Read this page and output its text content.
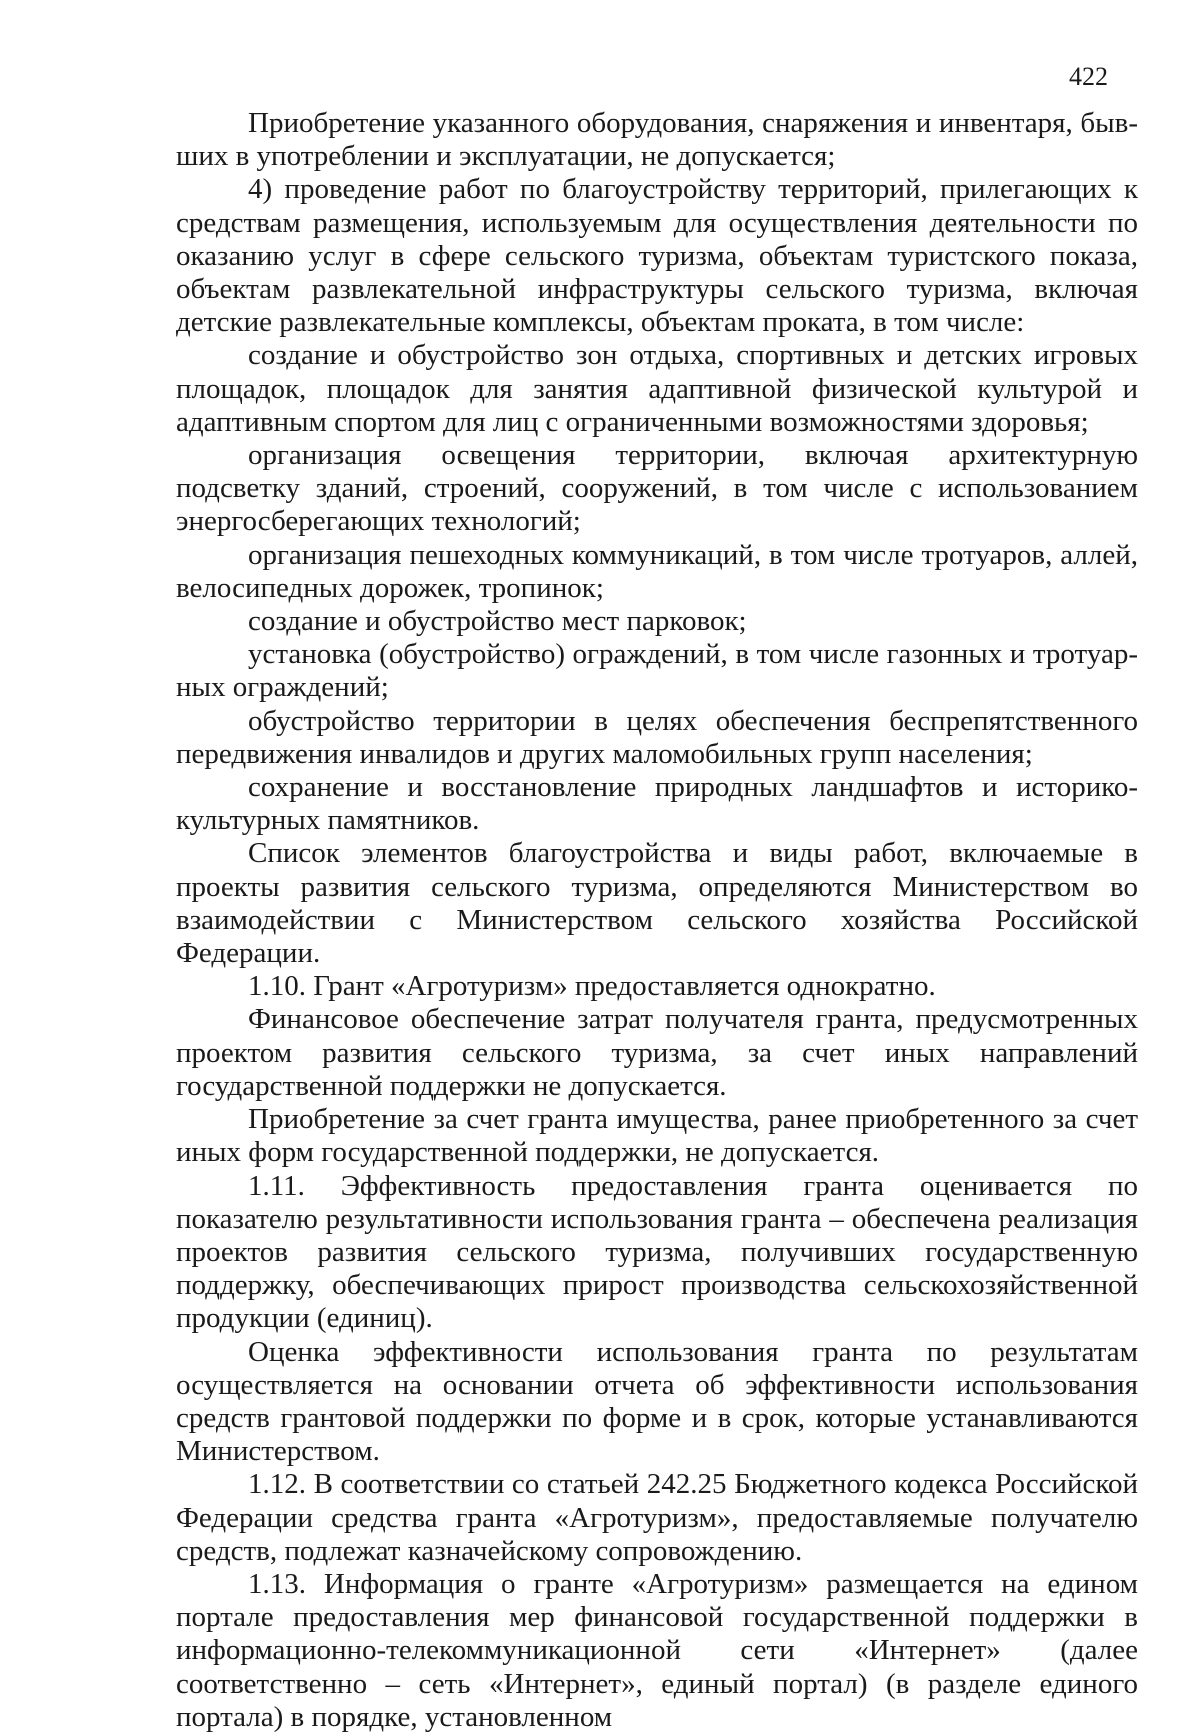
422

Приобретение указанного оборудования, снаряжения и инвентаря, бывших в употреблении и эксплуатации, не допускается;

4) проведение работ по благоустройству территорий, прилегающих к средствам размещения, используемым для осуществления деятельности по оказанию услуг в сфере сельского туризма, объектам туристского показа, объектам развлекательной инфраструктуры сельского туризма, включая детские развлекательные комплексы, объектам проката, в том числе:

создание и обустройство зон отдыха, спортивных и детских игровых площадок, площадок для занятия адаптивной физической культурой и адаптивным спортом для лиц с ограниченными возможностями здоровья;

организация освещения территории, включая архитектурную подсветку зданий, строений, сооружений, в том числе с использованием энергосберегающих технологий;

организация пешеходных коммуникаций, в том числе тротуаров, аллей, велосипедных дорожек, тропинок;

создание и обустройство мест парковок;

установка (обустройство) ограждений, в том числе газонных и тротуарных ограждений;

обустройство территории в целях обеспечения беспрепятственного передвижения инвалидов и других маломобильных групп населения;

сохранение и восстановление природных ландшафтов и историко-культурных памятников.

Список элементов благоустройства и виды работ, включаемые в проекты развития сельского туризма, определяются Министерством во взаимодействии с Министерством сельского хозяйства Российской Федерации.

1.10. Грант «Агротуризм» предоставляется однократно.

Финансовое обеспечение затрат получателя гранта, предусмотренных проектом развития сельского туризма, за счет иных направлений государственной поддержки не допускается.

Приобретение за счет гранта имущества, ранее приобретенного за счет иных форм государственной поддержки, не допускается.

1.11. Эффективность предоставления гранта оценивается по показателю результативности использования гранта – обеспечена реализация проектов развития сельского туризма, получивших государственную поддержку, обеспечивающих прирост производства сельскохозяйственной продукции (единиц).

Оценка эффективности использования гранта по результатам осуществляется на основании отчета об эффективности использования средств грантовой поддержки по форме и в срок, которые устанавливаются Министерством.

1.12. В соответствии со статьей 242.25 Бюджетного кодекса Российской Федерации средства гранта «Агротуризм», предоставляемые получателю средств, подлежат казначейскому сопровождению.

1.13. Информация о гранте «Агротуризм» размещается на едином портале предоставления мер финансовой государственной поддержки в информационно-телекоммуникационной сети «Интернет» (далее соответственно – сеть «Интернет», единый портал) (в разделе единого портала) в порядке, установленном
